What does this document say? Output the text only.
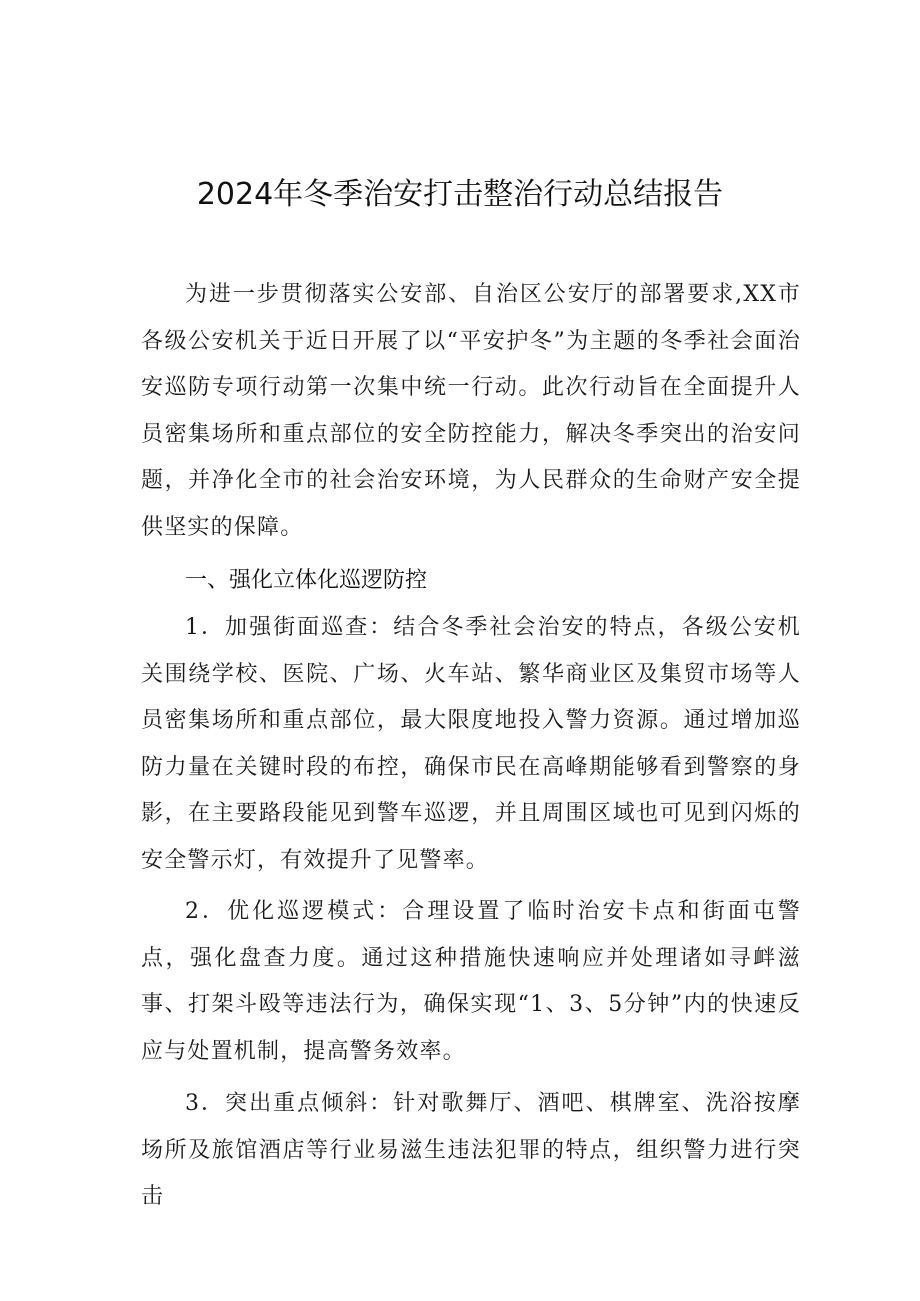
2024年冬季治安打击整治行动总结报告

为进一步贯彻落实公安部、自治区公安厅的部署要求,XX市各级公安机关于近日开展了以“平安护冬”为主题的冬季社会面治安巡防专项行动第一次集中统一行动。此次行动旨在全面提升人员密集场所和重点部位的安全防控能力，解决冬季突出的治安问题，并净化全市的社会治安环境，为人民群众的生命财产安全提供坚实的保障。

一、强化立体化巡逻防控

1．加强街面巡查：结合冬季社会治安的特点，各级公安机关围绕学校、医院、广场、火车站、繁华商业区及集贸市场等人员密集场所和重点部位，最大限度地投入警力资源。通过增加巡防力量在关键时段的布控，确保市民在高峰期能够看到警察的身影，在主要路段能见到警车巡逻，并且周围区域也可见到闪烁的安全警示灯，有效提升了见警率。

2．优化巡逻模式：合理设置了临时治安卡点和街面屯警点，强化盘查力度。通过这种措施快速响应并处理诸如寻衅滋事、打架斗殴等违法行为，确保实现“1、3、5分钟”内的快速反应与处置机制，提高警务效率。

3．突出重点倾斜：针对歌舞厅、酒吧、棋牌室、洗浴按摩场所及旅馆酒店等行业易滋生违法犯罪的特点，组织警力进行突击
